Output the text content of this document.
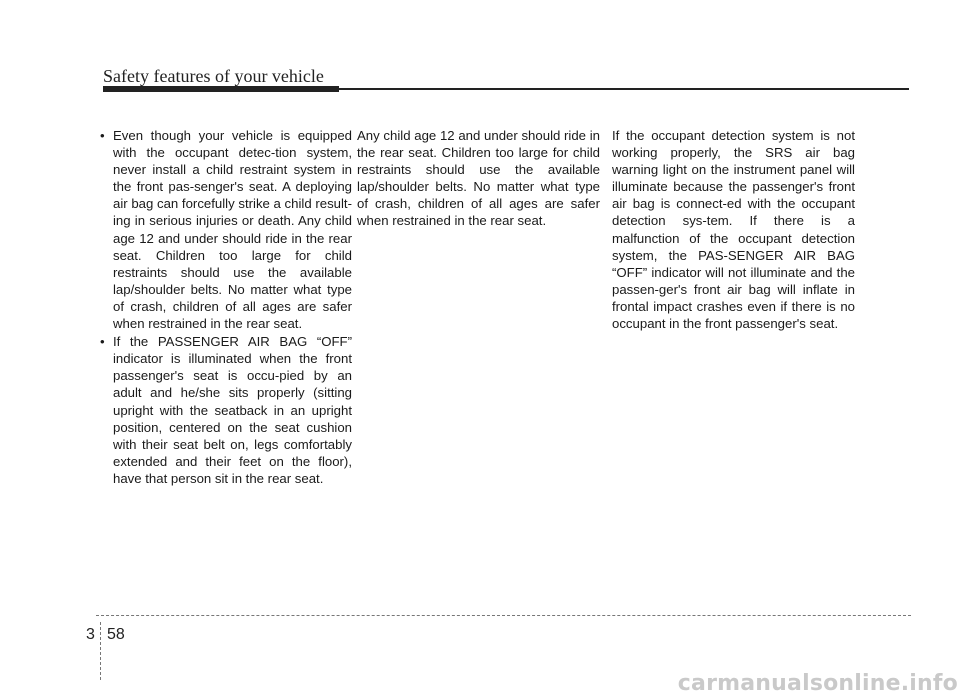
Safety features of your vehicle
• Even though your vehicle is equipped with the occupant detec-tion system, never install a child restraint system in the front pas-senger's seat. A deploying air bag can forcefully strike a child result-ing in serious injuries or death. Any child age 12 and under should ride in the rear seat. Children too large for child restraints should use the available lap/shoulder belts. No matter what type of crash, children of all ages are safer when restrained in the rear seat.
• If the PASSENGER AIR BAG “OFF” indicator is illuminated when the front passenger's seat is occu-pied by an adult and he/she sits properly (sitting upright with the seatback in an upright position, centered on the seat cushion with their seat belt on, legs comfortably extended and their feet on the floor), have that person sit in the rear seat.

Any child age 12 and under should ride in the rear seat. Children too large for child restraints should use the available lap/shoulder belts. No matter what type of crash, children of all ages are safer when restrained in the rear seat.

If the occupant detection system is not working properly, the SRS air bag warning light on the instrument panel will illuminate because the passenger's front air bag is connect-ed with the occupant detection sys-tem. If there is a malfunction of the occupant detection system, the PAS-SENGER AIR BAG “OFF” indicator will not illuminate and the passen-ger's front air bag will inflate in frontal impact crashes even if there is no occupant in the front passenger's seat.

3 58
carmanualsonline.info
